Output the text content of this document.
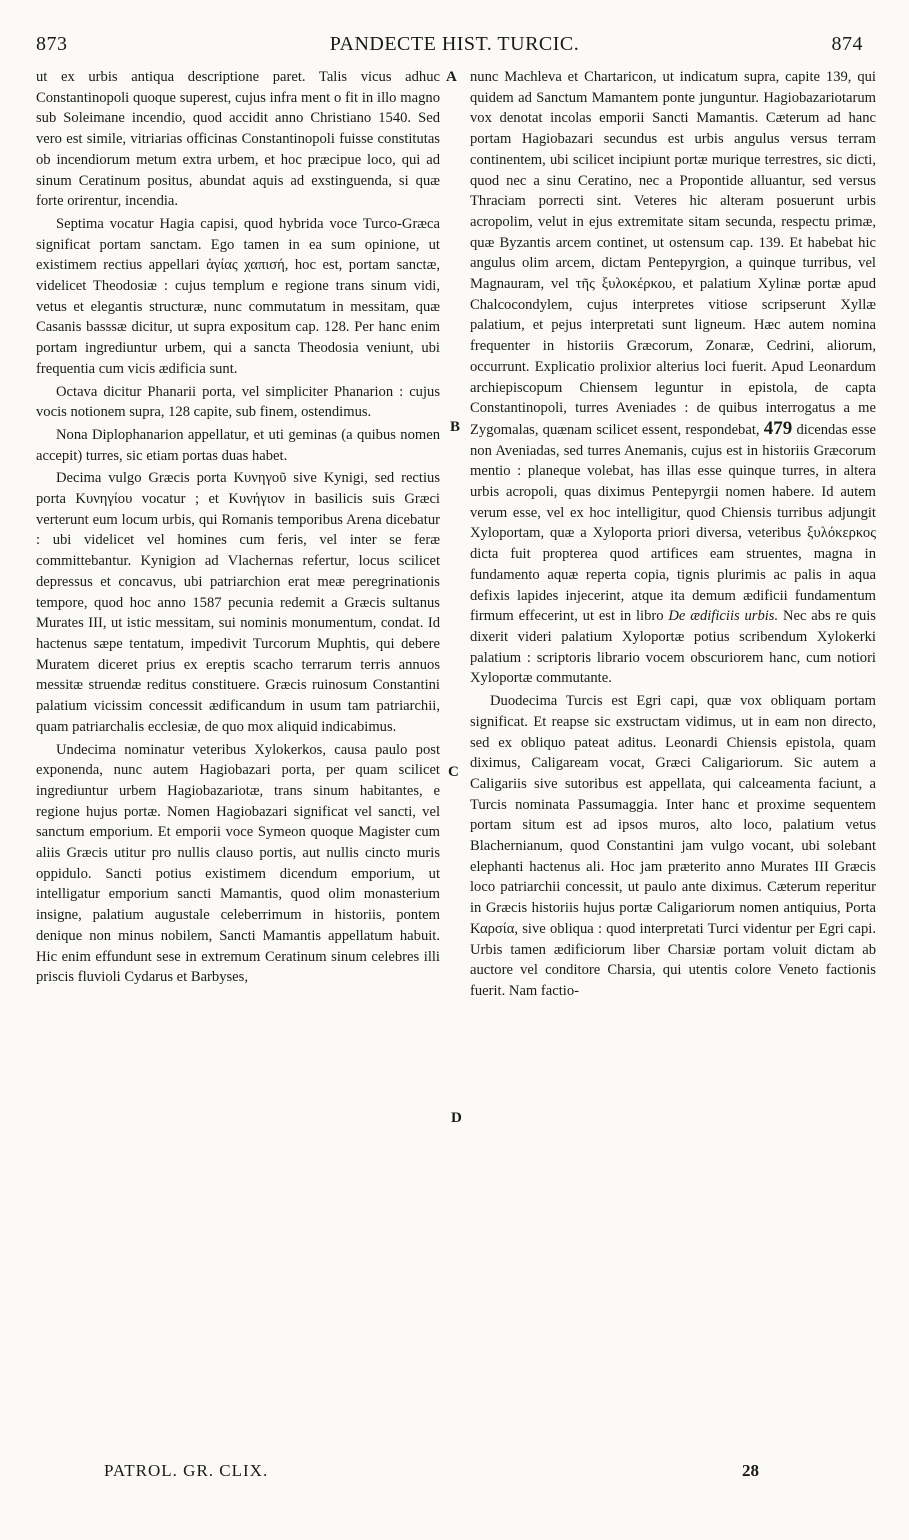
873	PANDECTE HIST. TURCIC.	874

ut ex urbis antiqua descriptione paret. Talis vicus adhuc Constantinopoli quoque superest, cujus infra ment o fit in illo magno sub Soleimane incendio, quod accidit anno Christiano 1540. Sed vero est simile, vitriarias officinas Constantinopoli fuisse constitutas ob incendiorum metum extra urbem, et hoc præcipue loco, qui ad sinum Ceratinum positus, abundat aquis ad exstinguenda, si quæ forte orirentur, incendia.

Septima vocatur Hagia capisi, quod hybrida voce Turco-Græca significat portam sanctam. Ego tamen in ea sum opinione, ut existimem rectius appellari ἁγίας χαπισή, hoc est, portam sanctæ, videlicet Theodosiæ : cujus templum e regione trans sinum vidi, vetus et elegantis structuræ, nunc commutatum in messitam, quæ Casanis basssæ dicitur, ut supra expositum cap. 128. Per hanc enim portam ingrediuntur urbem, qui a sancta Theodosia veniunt, ubi frequentia cum vicis ædificia sunt.

Octava dicitur Phanarii porta, vel simpliciter Phanarion : cujus vocis notionem supra, 128 capite, sub finem, ostendimus.

Nona Diplophanarion appellatur, et uti geminas (a quibus nomen accepit) turres, sic etiam portas duas habet.

Decima vulgo Græcis porta Κυνηγοῦ sive Kynigi, sed rectius porta Κυνηγίου vocatur ; et Κυνήγιον in basilicis suis Græci verterunt eum locum urbis, qui Romanis temporibus Arena dicebatur : ubi videlicet vel homines cum feris, vel inter se feræ committebantur. Kynigion ad Vlachernas refertur, locus scilicet depressus et concavus, ubi patriarchion erat meæ peregrinationis tempore, quod hoc anno 1587 pecunia redemit a Græcis sultanus Murates III, ut istic messitam, sui nominis monumentum, condat. Id hactenus sæpe tentatum, impedivit Turcorum Muphtis, qui debere Muratem diceret prius ex ereptis scacho terrarum terris annuos messitæ struendæ reditus constituere. Græcis ruinosum Constantini palatium vicissim concessit ædificandum in usum tam patriarchii, quam patriarchalis ecclesiæ, de quo mox aliquid indicabimus.

Undecima nominatur veteribus Xylokerkos, causa paulo post exponenda, nunc autem Hagiobazari porta, per quam scilicet ingrediuntur urbem Hagiobazariotæ, trans sinum habitantes, e regione hujus portæ. Nomen Hagiobazari significat vel sancti, vel sanctum emporium. Et emporii voce Symeon quoque Magister cum aliis Græcis utitur pro nullis clauso portis, aut nullis cincto muris oppidulo. Sancti potius existimem dicendum emporium, ut intelligatur emporium sancti Mamantis, quod olim monasterium insigne, palatium augustale celeberrimum in historiis, pontem denique non minus nobilem, Sancti Mamantis appellatum habuit. Hic enim effundunt sese in extremum Ceratinum sinum celebres illi priscis fluvioli Cydarus et Barbyses,

A
B
C
D

nunc Machleva et Chartaricon, ut indicatum supra, capite 139, qui quidem ad Sanctum Mamantem ponte junguntur. Hagiobazariotarum vox denotat incolas emporii Sancti Mamantis. Cæterum ad hanc portam Hagiobazari secundus est urbis angulus versus terram continentem, ubi scilicet incipiunt portæ murique terrestres, sic dicti, quod nec a sinu Ceratino, nec a Propontide alluantur, sed versus Thraciam porrecti sint. Veteres hic alteram posuerunt urbis acropolim, velut in ejus extremitate sitam secunda, respectu primæ, quæ Byzantis arcem continet, ut ostensum cap. 139. Et habebat hic angulus olim arcem, dictam Pentepyrgion, a quinque turribus, vel Magnauram, vel τῆς ξυλοκέρκου, et palatium Xylinæ portæ apud Chalcocondylem, cujus interpretes vitiose scripserunt Xyllæ palatium, et pejus interpretati sunt ligneum. Hæc autem nomina frequenter in historiis Græcorum, Zonaræ, Cedrini, aliorum, occurrunt. Explicatio prolixior alterius loci fuerit. Apud Leonardum archiepiscopum Chiensem leguntur in epistola, de capta Constantinopoli, turres Aveniades : de quibus interrogatus a me Zygomalas, quænam scilicet essent, respondebat, 479 dicendas esse non Aveniadas, sed turres Anemanis, cujus est in historiis Græcorum mentio : planeque volebat, has illas esse quinque turres, in altera urbis acropoli, quas diximus Pentepyrgii nomen habere. Id autem verum esse, vel ex hoc intelligitur, quod Chiensis turribus adjungit Xyloportam, quæ a Xyloporta priori diversa, veteribus ξυλόκερκος dicta fuit propterea quod artifices eam struentes, magna in fundamento aquæ reperta copia, tignis plurimis ac palis in aqua defixis lapides injecerint, atque ita demum ædificii fundamentum firmum effecerint, ut est in libro De ædificiis urbis. Nec abs re quis dixerit videri palatium Xyloportæ potius scribendum Xylokerki palatium : scriptoris librario vocem obscuriorem hanc, cum notiori Xyloportæ commutante.

Duodecima Turcis est Egri capi, quæ vox obliquam portam significat. Et reapse sic exstructam vidimus, ut in eam non directo, sed ex obliquo pateat aditus. Leonardi Chiensis epistola, quam diximus, Caligaream vocat, Græci Caligariorum. Sic autem a Caligariis sive sutoribus est appellata, qui calceamenta faciunt, a Turcis nominata Passumaggia. Inter hanc et proxime sequentem portam situm est ad ipsos muros, alto loco, palatium vetus Blachernianum, quod Constantini jam vulgo vocant, ubi solebant elephanti hactenus ali. Hoc jam præterito anno Murates III Græcis loco patriarchii concessit, ut paulo ante diximus. Cæterum reperitur in Græcis historiis hujus portæ Caligariorum nomen antiquius, Porta Καρσία, sive obliqua : quod interpretati Turci videntur per Egri capi. Urbis tamen ædificiorum liber Charsiæ portam voluit dictam ab auctore vel conditore Charsia, qui utentis colore Veneto factionis fuerit. Nam factio-

PATROL. GR. CLIX.	28
